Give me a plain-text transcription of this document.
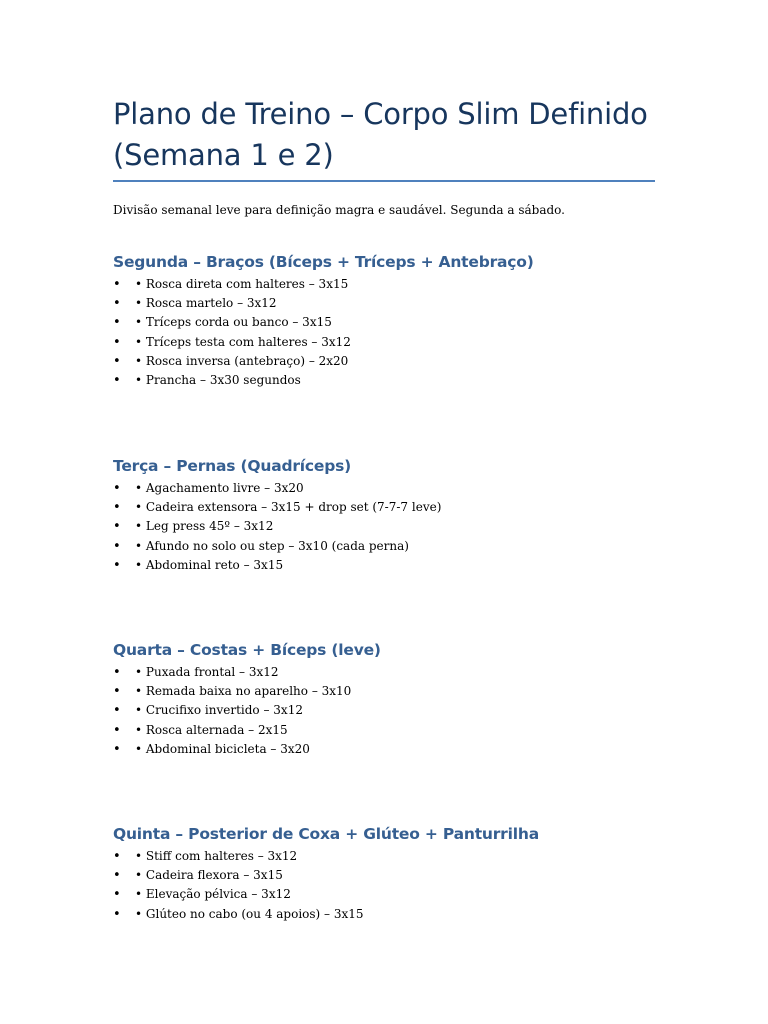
Plano de Treino – Corpo Slim Definido (Semana 1 e 2)

Divisão semanal leve para definição magra e saudável. Segunda a sábado.

Segunda – Braços (Bíceps + Tríceps + Antebraço)
• • Rosca direta com halteres – 3x15
• • Rosca martelo – 3x12
• • Tríceps corda ou banco – 3x15
• • Tríceps testa com halteres – 3x12
• • Rosca inversa (antebraço) – 2x20
• • Prancha – 3x30 segundos
Terça – Pernas (Quadríceps)
• • Agachamento livre – 3x20
• • Cadeira extensora – 3x15 + drop set (7-7-7 leve)
• • Leg press 45º – 3x12
• • Afundo no solo ou step – 3x10 (cada perna)
• • Abdominal reto – 3x15
Quarta – Costas + Bíceps (leve)
• • Puxada frontal – 3x12
• • Remada baixa no aparelho – 3x10
• • Crucifixo invertido – 3x12
• • Rosca alternada – 2x15
• • Abdominal bicicleta – 3x20
Quinta – Posterior de Coxa + Glúteo + Panturrilha
• • Stiff com halteres – 3x12
• • Cadeira flexora – 3x15
• • Elevação pélvica – 3x12
• • Glúteo no cabo (ou 4 apoios) – 3x15
